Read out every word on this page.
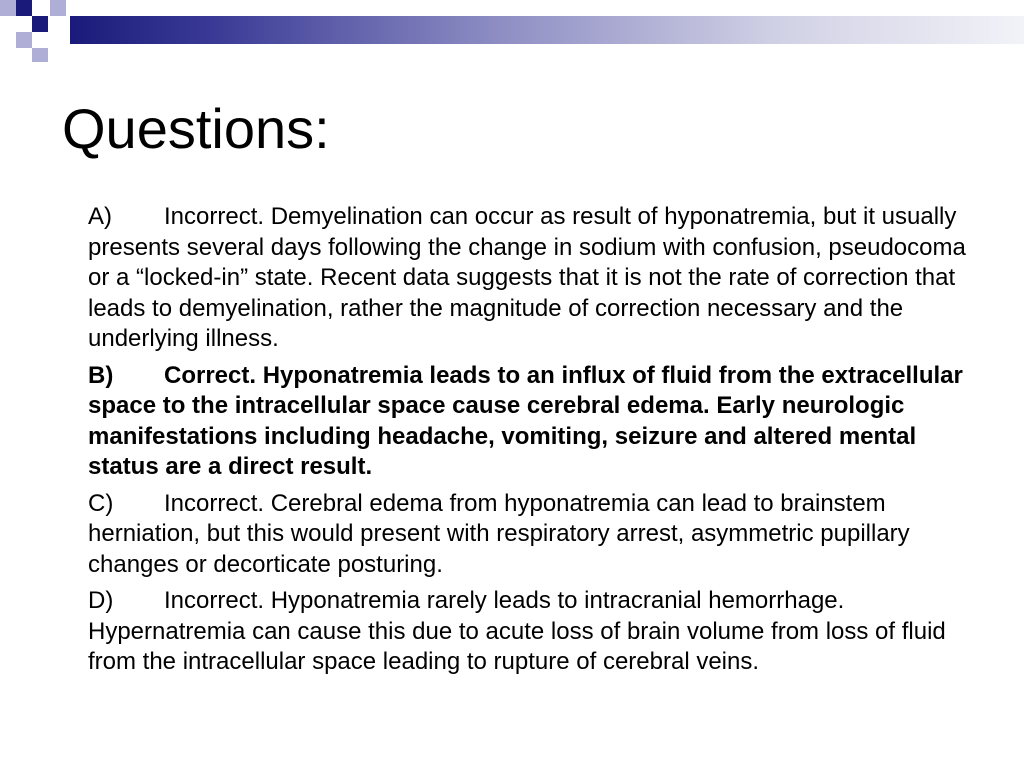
Questions:
A) Incorrect. Demyelination can occur as result of hyponatremia, but it usually presents several days following the change in sodium with confusion, pseudocoma or a “locked-in” state. Recent data suggests that it is not the rate of correction that leads to demyelination, rather the magnitude of correction necessary and the underlying illness.
B) Correct. Hyponatremia leads to an influx of fluid from the extracellular space to the intracellular space cause cerebral edema. Early neurologic manifestations including headache, vomiting, seizure and altered mental status are a direct result.
C) Incorrect. Cerebral edema from hyponatremia can lead to brainstem herniation, but this would present with respiratory arrest, asymmetric pupillary changes or decorticate posturing.
D) Incorrect. Hyponatremia rarely leads to intracranial hemorrhage. Hypernatremia can cause this due to acute loss of brain volume from loss of fluid from the intracellular space leading to rupture of cerebral veins.
